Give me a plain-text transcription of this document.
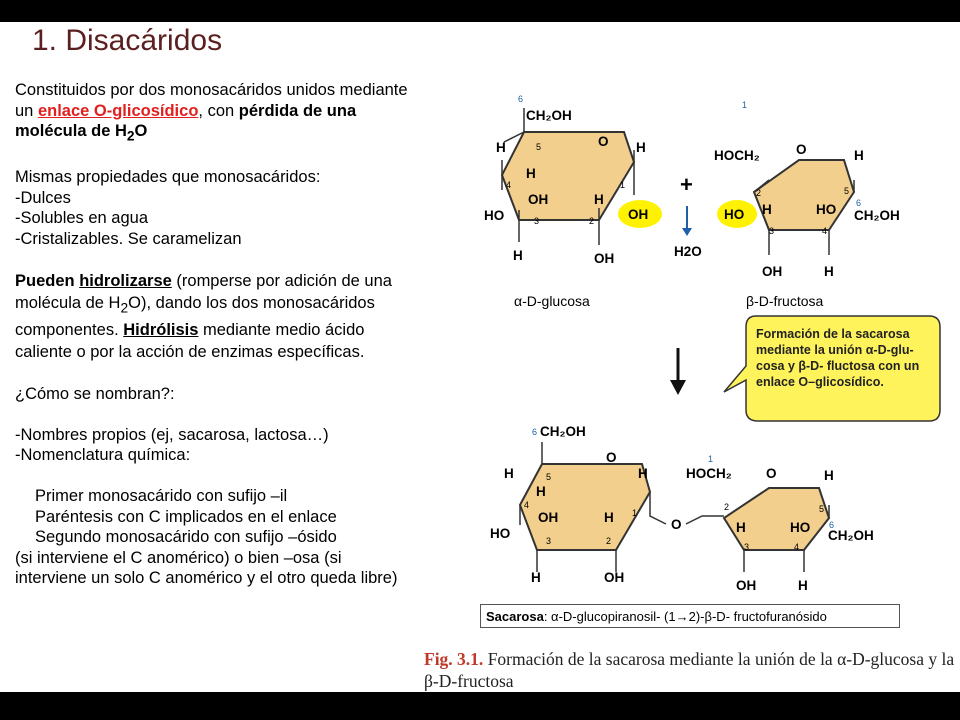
1. Disacáridos

Constituidos por dos monosacáridos unidos mediante un enlace O-glicosídico, con pérdida de una molécula de $H_2O$

Mismas propiedades que monosacáridos:

-Dulces

-Solubles en agua

-Cristalizables. Se caramelizan

Pueden hidrolizarse (romperse por adición de una molécula de $H_2O$), dando los dos monosacáridos componentes. Hidrólisis mediante medio ácido caliente o por la acción de enzimas específicas.

¿Cómo se nombran?:

-Nombres propios (ej, sacarosa, lactosa…)

-Nomenclatura química:

Primer monosacárido con sufijo –il

Paréntesis con C implicados en el enlace

Segundo monosacárido con sufijo –ósido

(si interviene el C anomérico) o bien –osa (si interviene un solo C anomérico y el otro queda libre)

6
CH₂OH
O
H	5	H
H
4	1
OH	H
HO	3	2
H	OH
OH
α-D-glucosa
+
H2O
HO
1
HOCH₂	O	H
2	5
H	HO 6
CH₂OH
3	4
OH	H
β-D-fructosa
6 CH₂OH
O
H	5	H
H
4
1
OH	H
HO	3	2
H	OH
O
1
HOCH₂	O	H
2	5
H	HO 6
CH₂OH
3	4
OH	H
Formación de la sacarosa mediante la unión α-D-glu-cosa y β-D- fluctosa con un enlace O–glicosídico.
Sacarosa: α-D-glucopiranosil- (1→2)-β-D- fructofuranósido
Fig. 3.1. Formación de la sacarosa mediante la unión de la α-D-glucosa y la β-D-fructosa
